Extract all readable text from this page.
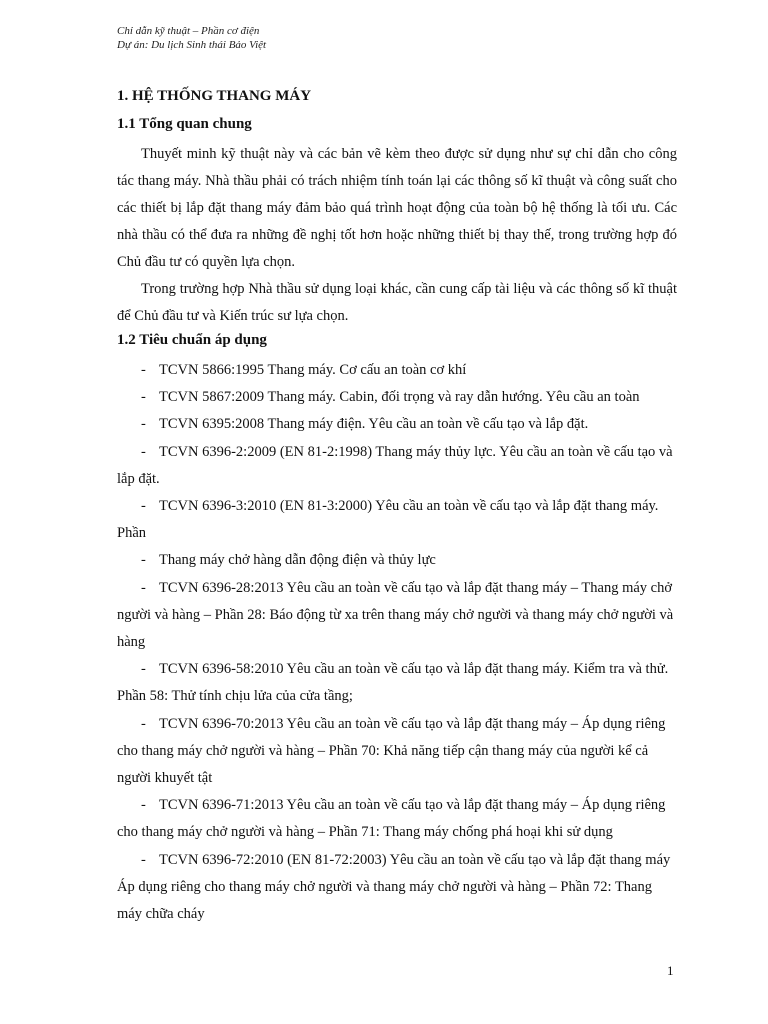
Chỉ dẫn kỹ thuật – Phần cơ điện
Dự án: Du lịch Sinh thái Bảo Việt
1. HỆ THỐNG THANG MÁY
1.1 Tổng quan chung
Thuyết minh kỹ thuật này và các bản vẽ kèm theo được sử dụng như sự chỉ dẫn cho công tác thang máy. Nhà thầu phải có trách nhiệm tính toán lại các thông số kĩ thuật và công suất cho các thiết bị lắp đặt thang máy đảm bảo quá trình hoạt động của toàn bộ hệ thống là tối ưu. Các nhà thầu có thể đưa ra những đề nghị tốt hơn hoặc những thiết bị thay thế, trong trường hợp đó Chủ đầu tư có quyền lựa chọn.
Trong trường hợp Nhà thầu sử dụng loại khác, cần cung cấp tài liệu và các thông số kĩ thuật để Chủ đầu tư và Kiến trúc sư lựa chọn.
1.2 Tiêu chuẩn áp dụng
- TCVN 5866:1995 Thang máy. Cơ cấu an toàn cơ khí
- TCVN 5867:2009 Thang máy. Cabin, đối trọng và ray dẫn hướng. Yêu cầu an toàn
- TCVN 6395:2008 Thang máy điện. Yêu cầu an toàn về cấu tạo và lắp đặt.
- TCVN 6396-2:2009 (EN 81-2:1998) Thang máy thủy lực. Yêu cầu an toàn về cấu tạo và lắp đặt.
- TCVN 6396-3:2010 (EN 81-3:2000) Yêu cầu an toàn về cấu tạo và lắp đặt thang máy. Phần
- Thang máy chở hàng dẫn động điện và thủy lực
- TCVN 6396-28:2013 Yêu cầu an toàn về cấu tạo và lắp đặt thang máy – Thang máy chở người và hàng – Phần 28: Báo động từ xa trên thang máy chở người và thang máy chở người và hàng
- TCVN 6396-58:2010 Yêu cầu an toàn về cấu tạo và lắp đặt thang máy. Kiểm tra và thử. Phần 58: Thử tính chịu lửa của cửa tầng;
- TCVN 6396-70:2013 Yêu cầu an toàn về cấu tạo và lắp đặt thang máy – Áp dụng riêng cho thang máy chở người và hàng – Phần 70: Khả năng tiếp cận thang máy của người kể cả người khuyết tật
- TCVN 6396-71:2013 Yêu cầu an toàn về cấu tạo và lắp đặt thang máy – Áp dụng riêng cho thang máy chở người và hàng – Phần 71: Thang máy chống phá hoại khi sử dụng
- TCVN 6396-72:2010 (EN 81-72:2003) Yêu cầu an toàn về cấu tạo và lắp đặt thang máy Áp dụng riêng cho thang máy chở người và thang máy chở người và hàng – Phần 72: Thang máy chữa cháy
1
